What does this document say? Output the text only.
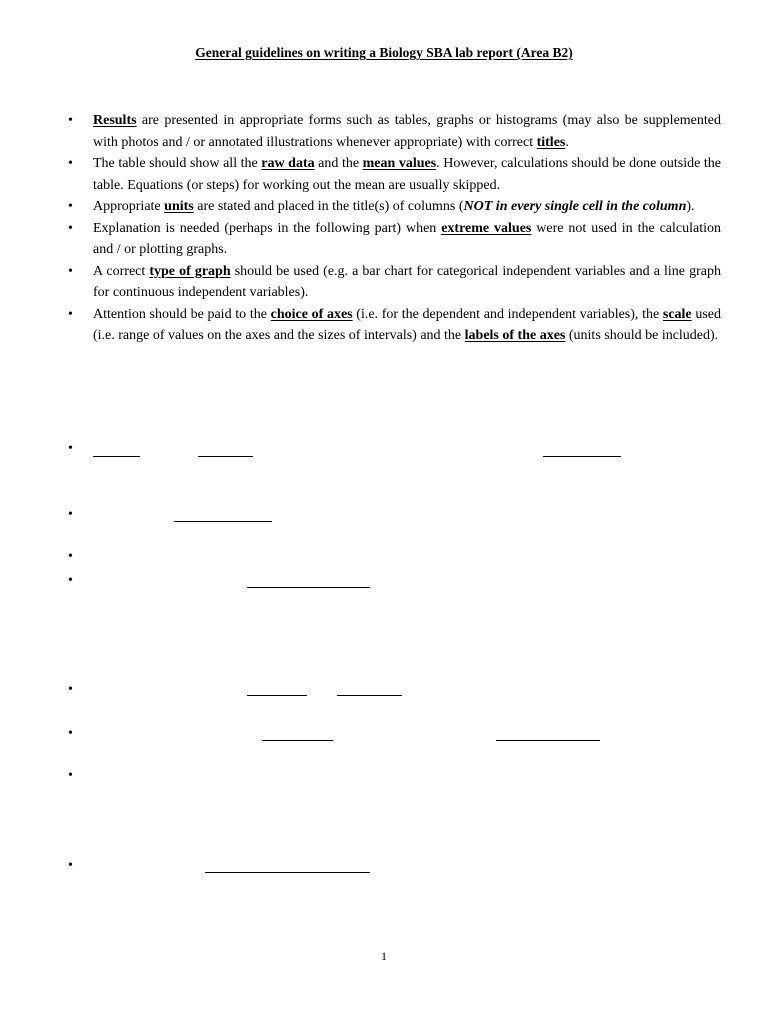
General guidelines on writing a Biology SBA lab report (Area B2)
• Results are presented in appropriate forms such as tables, graphs or histograms (may also be supplemented with photos and / or annotated illustrations whenever appropriate) with correct titles.
• The table should show all the raw data and the mean values. However, calculations should be done outside the table. Equations (or steps) for working out the mean are usually skipped.
• Appropriate units are stated and placed in the title(s) of columns (NOT in every single cell in the column).
• Explanation is needed (perhaps in the following part) when extreme values were not used in the calculation and / or plotting graphs.
• A correct type of graph should be used (e.g. a bar chart for categorical independent variables and a line graph for continuous independent variables).
• Attention should be paid to the choice of axes (i.e. for the dependent and independent variables), the scale used (i.e. range of values on the axes and the sizes of intervals) and the labels of the axes (units should be included).
•
•
•
•
•
•
•
•
1
